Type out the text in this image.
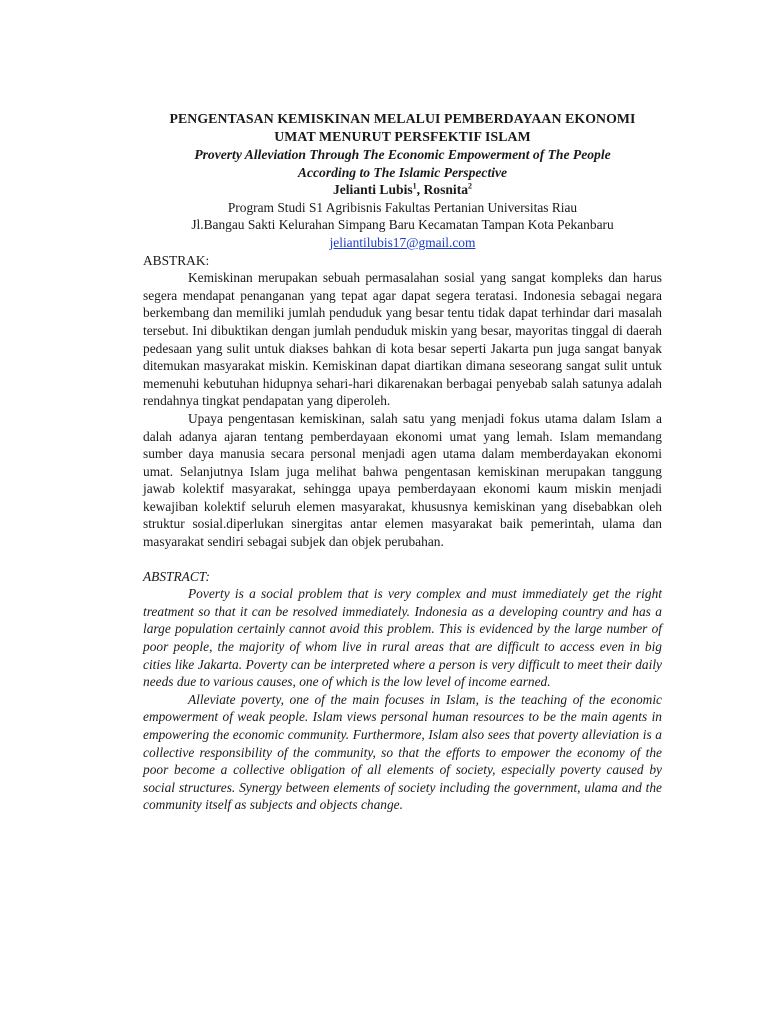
PENGENTASAN KEMISKINAN MELALUI PEMBERDAYAAN EKONOMI
UMAT MENURUT PERSFEKTIF ISLAM
Proverty Alleviation Through The Economic Empowerment of The People
According to The Islamic Perspective
Jelianti Lubis$^1$, Rosnita$^2$
Program Studi S1 Agribisnis Fakultas Pertanian Universitas Riau
Jl.Bangau Sakti Kelurahan Simpang Baru Kecamatan Tampan Kota Pekanbaru
jeliantilubis17@gmail.com
ABSTRAK:

Kemiskinan merupakan sebuah permasalahan sosial yang sangat kompleks dan harus segera mendapat penanganan yang tepat agar dapat segera teratasi. Indonesia sebagai negara berkembang dan memiliki jumlah penduduk yang besar tentu tidak dapat terhindar dari masalah tersebut. Ini dibuktikan dengan jumlah penduduk miskin yang besar, mayoritas tinggal di daerah pedesaan yang sulit untuk diakses bahkan di kota besar seperti Jakarta pun juga sangat banyak ditemukan masyarakat miskin. Kemiskinan dapat diartikan dimana seseorang sangat sulit untuk memenuhi kebutuhan hidupnya sehari-hari dikarenakan berbagai penyebab salah satunya adalah rendahnya tingkat pendapatan yang diperoleh.

Upaya pengentasan kemiskinan, salah satu yang menjadi fokus utama dalam Islam a dalah adanya ajaran tentang pemberdayaan ekonomi umat yang lemah. Islam memandang sumber daya manusia secara personal menjadi agen utama dalam memberdayakan ekonomi umat. Selanjutnya Islam juga melihat bahwa pengentasan kemiskinan merupakan tanggung jawab kolektif masyarakat, sehingga upaya pemberdayaan ekonomi kaum miskin menjadi kewajiban kolektif seluruh elemen masyarakat, khususnya kemiskinan yang disebabkan oleh struktur sosial.diperlukan sinergitas antar elemen masyarakat baik pemerintah, ulama dan masyarakat sendiri sebagai subjek dan objek perubahan.

ABSTRACT:

Poverty is a social problem that is very complex and must immediately get the right treatment so that it can be resolved immediately. Indonesia as a developing country and has a large population certainly cannot avoid this problem. This is evidenced by the large number of poor people, the majority of whom live in rural areas that are difficult to access even in big cities like Jakarta. Poverty can be interpreted where a person is very difficult to meet their daily needs due to various causes, one of which is the low level of income earned.

Alleviate poverty, one of the main focuses in Islam, is the teaching of the economic empowerment of weak people. Islam views personal human resources to be the main agents in empowering the economic community. Furthermore, Islam also sees that poverty alleviation is a collective responsibility of the community, so that the efforts to empower the economy of the poor become a collective obligation of all elements of society, especially poverty caused by social structures. Synergy between elements of society including the government, ulama and the community itself as subjects and objects change.
